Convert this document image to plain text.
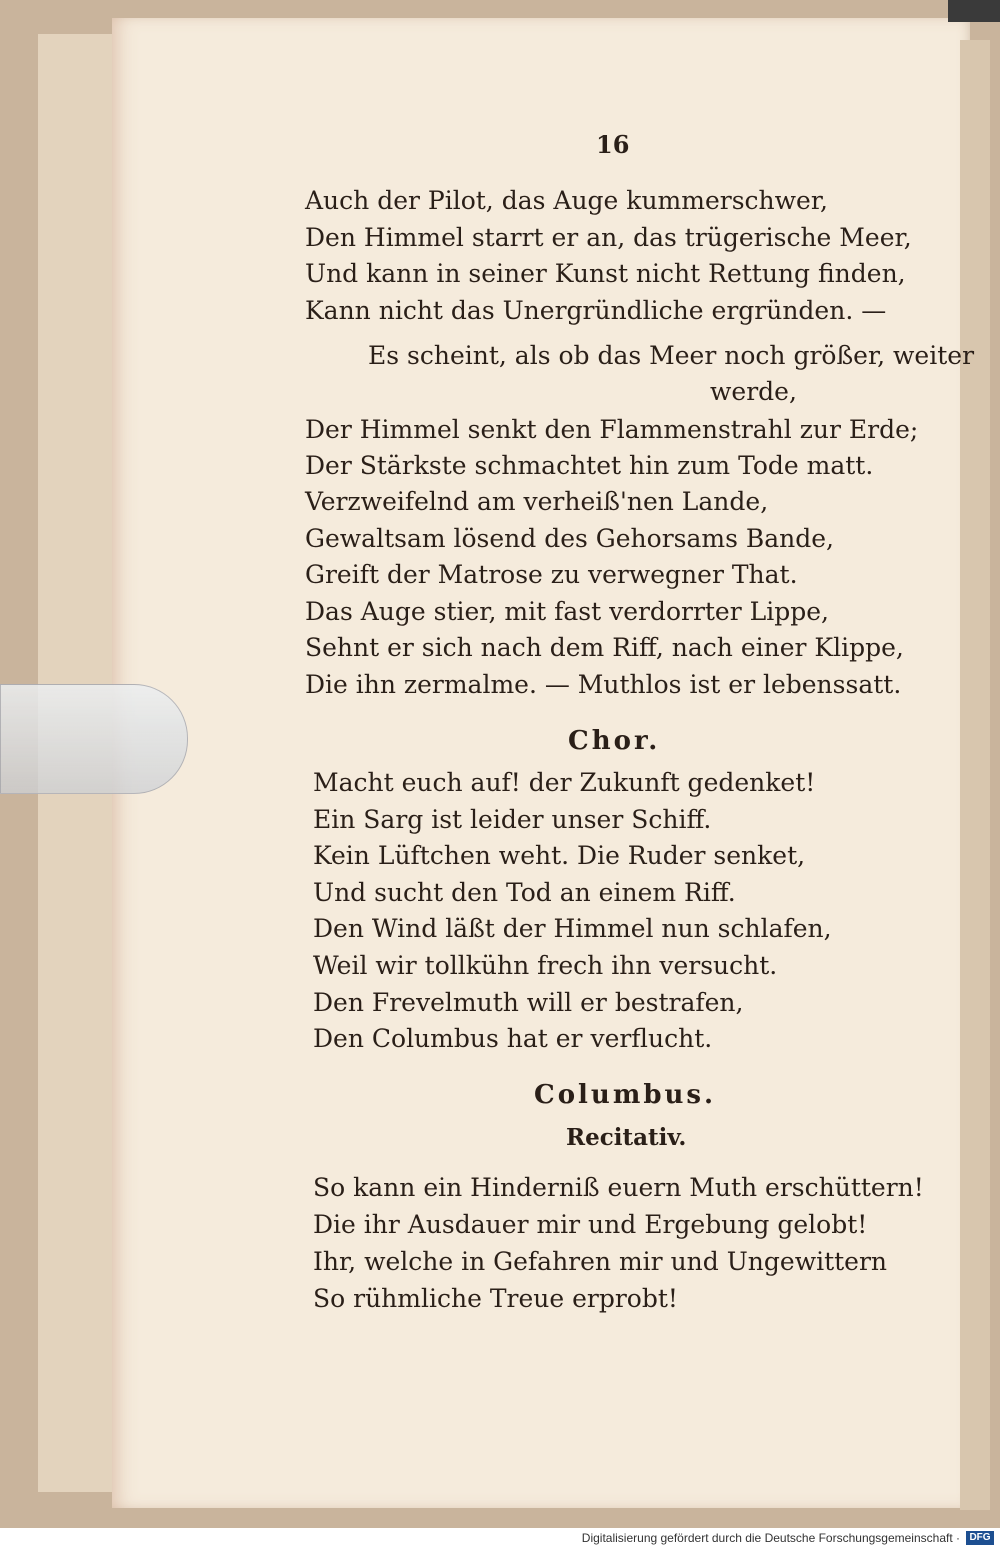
16
Auch der Pilot, das Auge kummerschwer,
Den Himmel starrt er an, das trügerische Meer,
Und kann in seiner Kunst nicht Rettung finden,
Kann nicht das Unergründliche ergründen. —
Es scheint, als ob das Meer noch größer, weiter
werde,
Der Himmel senkt den Flammenstrahl zur Erde;
Der Stärkste schmachtet hin zum Tode matt.
Verzweifelnd am verheiß'nen Lande,
Gewaltsam lösend des Gehorsams Bande,
Greift der Matrose zu verwegner That.
Das Auge stier, mit fast verdorrter Lippe,
Sehnt er sich nach dem Riff, nach einer Klippe,
Die ihn zermalme. — Muthlos ist er lebenssatt.
Chor.
Macht euch auf! der Zukunft gedenket!
Ein Sarg ist leider unser Schiff.
Kein Lüftchen weht. Die Ruder senket,
Und sucht den Tod an einem Riff.
Den Wind läßt der Himmel nun schlafen,
Weil wir tollkühn frech ihn versucht.
Den Frevelmuth will er bestrafen,
Den Columbus hat er verflucht.
Columbus.
Recitativ.
So kann ein Hinderniß euern Muth erschüttern!
Die ihr Ausdauer mir und Ergebung gelobt!
Ihr, welche in Gefahren mir und Ungewittern
So rühmliche Treue erprobt!
Digitalisierung gefördert durch die Deutsche Forschungsgemeinschaft · DFG
